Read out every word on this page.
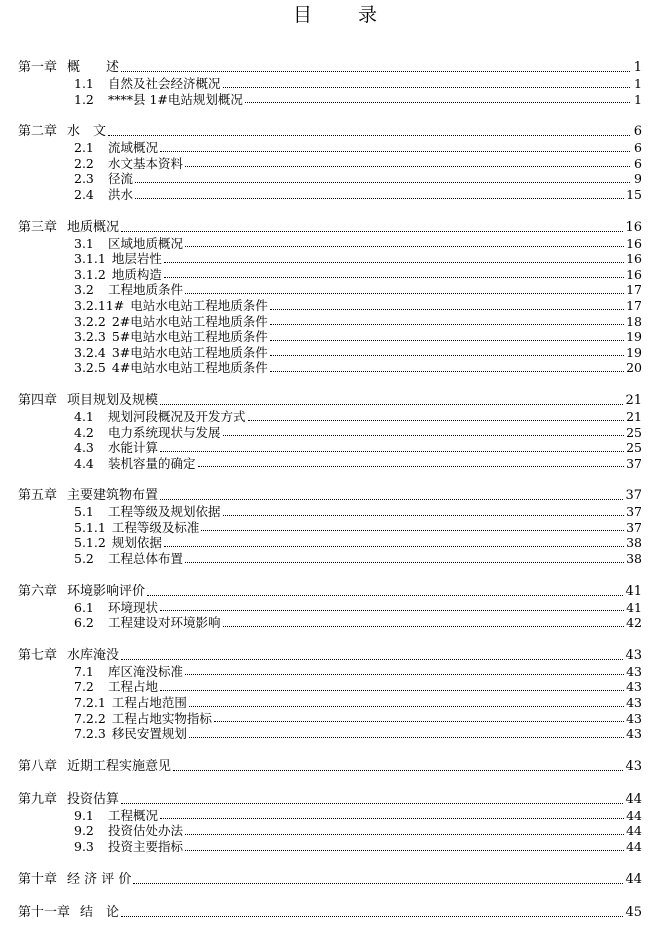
目 录
第一章 概　　述	1
1.1	自然及社会经济概况	1
1.2	****县 1#电站规划概况	1
第二章 水　文	6
2.1	流域概况	6
2.2	水文基本资料	6
2.3	径流	9
2.4	洪水	15
第三章 地质概况	16
3.1	区域地质概况	16
3.1.1 地层岩性	16
3.1.2 地质构造	16
3.2	工程地质条件	17
3.2.11# 电站水电站工程地质条件	17
3.2.2 2#电站水电站工程地质条件	18
3.2.3 5#电站水电站工程地质条件	19
3.2.4 3#电站水电站工程地质条件	19
3.2.5 4#电站水电站工程地质条件	20
第四章 项目规划及规模	21
4.1	规划河段概况及开发方式	21
4.2	电力系统现状与发展	25
4.3	水能计算	25
4.4	装机容量的确定	37
第五章 主要建筑物布置	37
5.1	工程等级及规划依据	37
5.1.1 工程等级及标准	37
5.1.2 规划依据	38
5.2	工程总体布置	38
第六章 环境影响评价	41
6.1	环境现状	41
6.2	工程建设对环境影响	42
第七章 水库淹没	43
7.1	库区淹没标准	43
7.2	工程占地	43
7.2.1 工程占地范围	43
7.2.2 工程占地实物指标	43
7.2.3 移民安置规划	43
第八章 近期工程实施意见	43
第九章 投资估算	44
9.1	工程概况	44
9.2	投资估处办法	44
9.3	投资主要指标	44
第十章 经 济 评 价	44
第十一章 结　论	45
